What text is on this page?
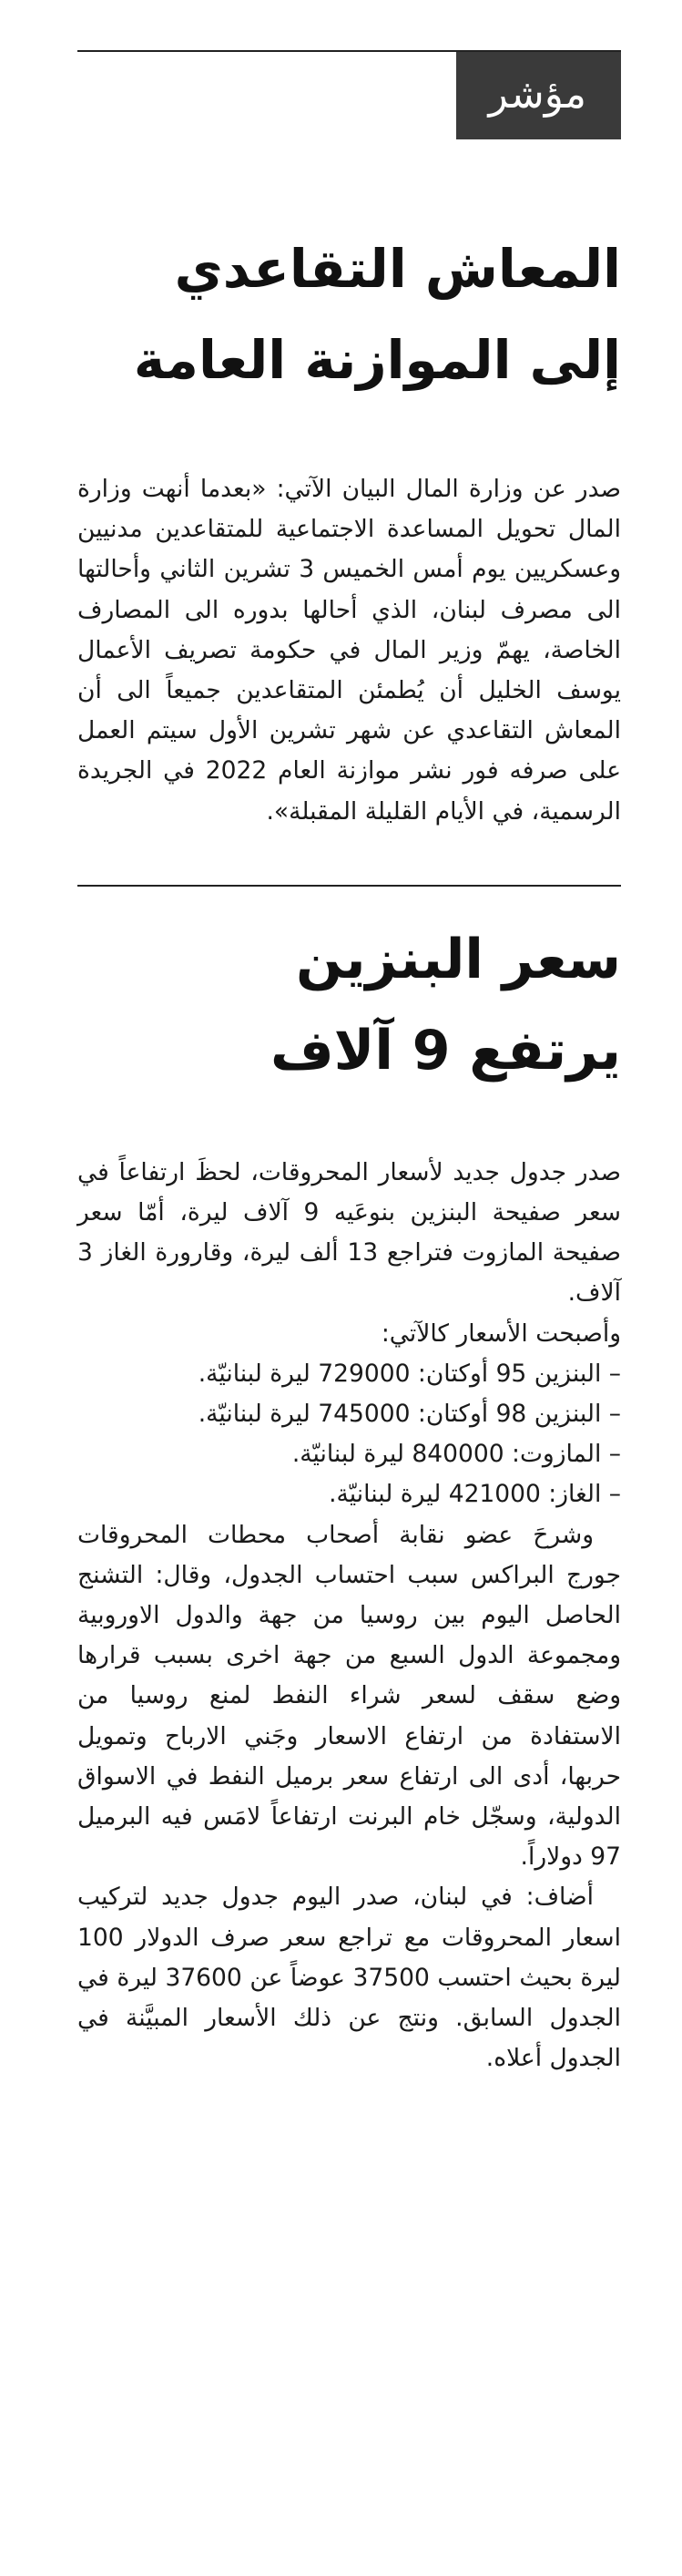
مؤشر
المعاش التقاعدي
إلى الموازنة العامة

صدر عن وزارة المال البيان الآتي: «بعدما أنهت وزارة المال تحويل المساعدة الاجتماعية للمتقاعدين مدنيين وعسكريين يوم أمس الخميس 3 تشرين الثاني وأحالتها الى مصرف لبنان، الذي أحالها بدوره الى المصارف الخاصة، يهمّ وزير المال في حكومة تصريف الأعمال يوسف الخليل أن يُطمئن المتقاعدين جميعاً الى أن المعاش التقاعدي عن شهر تشرين الأول سيتم العمل على صرفه فور نشر موازنة العام 2022 في الجريدة الرسمية، في الأيام القليلة المقبلة».

سعر البنزين
يرتفع 9 آلاف

صدر جدول جديد لأسعار المحروقات، لحظَ ارتفاعاً في سعر صفيحة البنزين بنوعَيه 9 آلاف ليرة، أمّا سعر صفيحة المازوت فتراجع 13 ألف ليرة، وقارورة الغاز 3 آلاف.

وأصبحت الأسعار كالآتي:

– البنزين 95 أوكتان: 729000 ليرة لبنانيّة.

– البنزين 98 أوكتان: 745000 ليرة لبنانيّة.

– المازوت: 840000 ليرة لبنانيّة.

– الغاز: 421000 ليرة لبنانيّة.

وشرحَ عضو نقابة أصحاب محطات المحروقات جورج البراكس سبب احتساب الجدول، وقال: التشنج الحاصل اليوم بين روسيا من جهة والدول الاوروبية ومجموعة الدول السبع من جهة اخرى بسبب قرارها وضع سقف لسعر شراء النفط لمنع روسيا من الاستفادة من ارتفاع الاسعار وجَني الارباح وتمويل حربها، أدى الى ارتفاع سعر برميل النفط في الاسواق الدولية، وسجّل خام البرنت ارتفاعاً لامَس فيه البرميل 97 دولاراً.

أضاف: في لبنان، صدر اليوم جدول جديد لتركيب اسعار المحروقات مع تراجع سعر صرف الدولار 100 ليرة بحيث احتسب 37500 عوضاً عن 37600 ليرة في الجدول السابق. ونتج عن ذلك الأسعار المبيَّنة في الجدول أعلاه.
